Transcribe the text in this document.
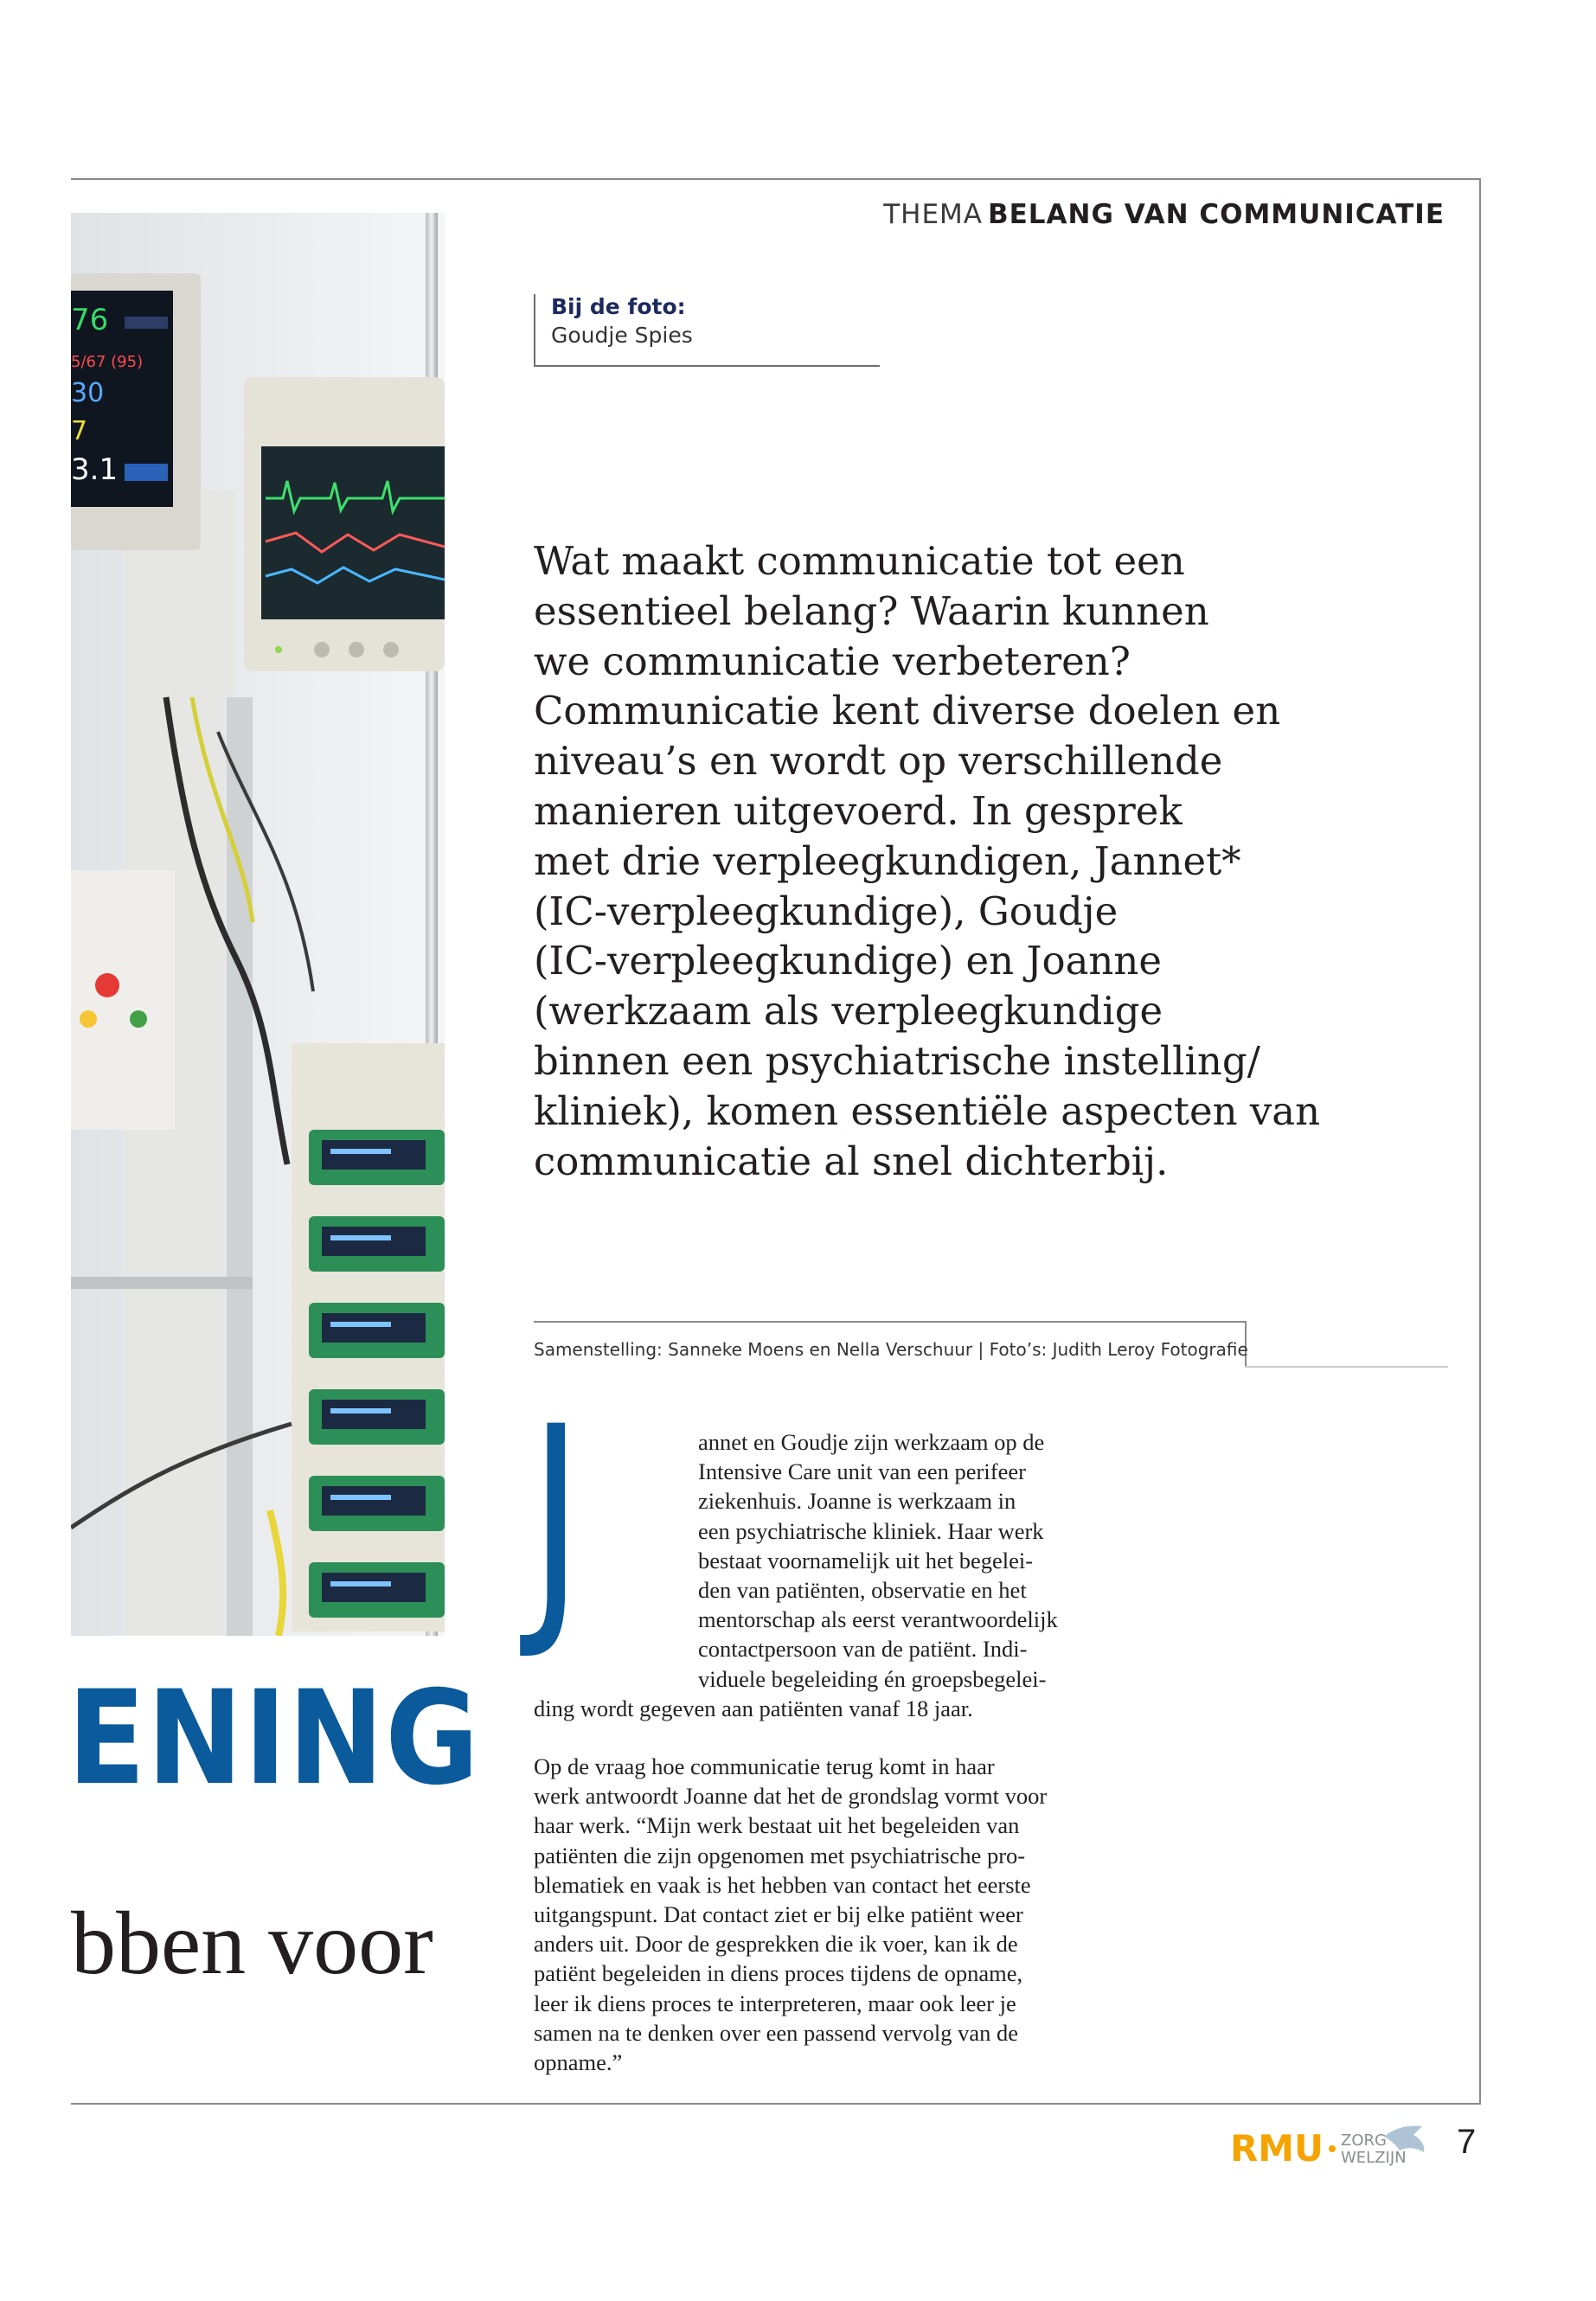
THEMA BELANG VAN COMMUNICATIE
76
5/67 (95)
30
7
3.1
Bij de foto:
Goudje Spies
Wat maakt communicatie tot een
essentieel belang? Waarin kunnen
we communicatie verbeteren?
Communicatie kent diverse doelen en
niveau’s en wordt op verschillende
manieren uitgevoerd. In gesprek
met drie verpleegkundigen, Jannet*
(IC-verpleegkundige), Goudje
(IC-verpleegkundige) en Joanne
(werkzaam als verpleegkundige
binnen een psychiatrische instelling/
kliniek), komen essentiële aspecten van
communicatie al snel dichterbij.
Samenstelling: Sanneke Moens en Nella Verschuur | Foto’s: Judith Leroy Fotografie
J	annet en Goudje zijn werkzaam op de
Intensive Care unit van een perifeer
ziekenhuis. Joanne is werkzaam in
een psychiatrische kliniek. Haar werk
bestaat voornamelijk uit het begelei-
den van patiënten, observatie en het
mentorschap als eerst verantwoordelijk
contactpersoon van de patiënt. Indi-
viduele begeleiding én groepsbegelei-
ding wordt gegeven aan patiënten vanaf 18 jaar.
Op de vraag hoe communicatie terug komt in haar
werk antwoordt Joanne dat het de grondslag vormt voor
haar werk. “Mijn werk bestaat uit het begeleiden van
patiënten die zijn opgenomen met psychiatrische pro-
blematiek en vaak is het hebben van contact het eerste
uitgangspunt. Dat contact ziet er bij elke patiënt weer
anders uit. Door de gesprekken die ik voer, kan ik de
patiënt begeleiden in diens proces tijdens de opname,
leer ik diens proces te interpreteren, maar ook leer je
samen na te denken over een passend vervolg van de
opname.”
ENING
bben voor
RMU ZORG
WELZIJN 7
